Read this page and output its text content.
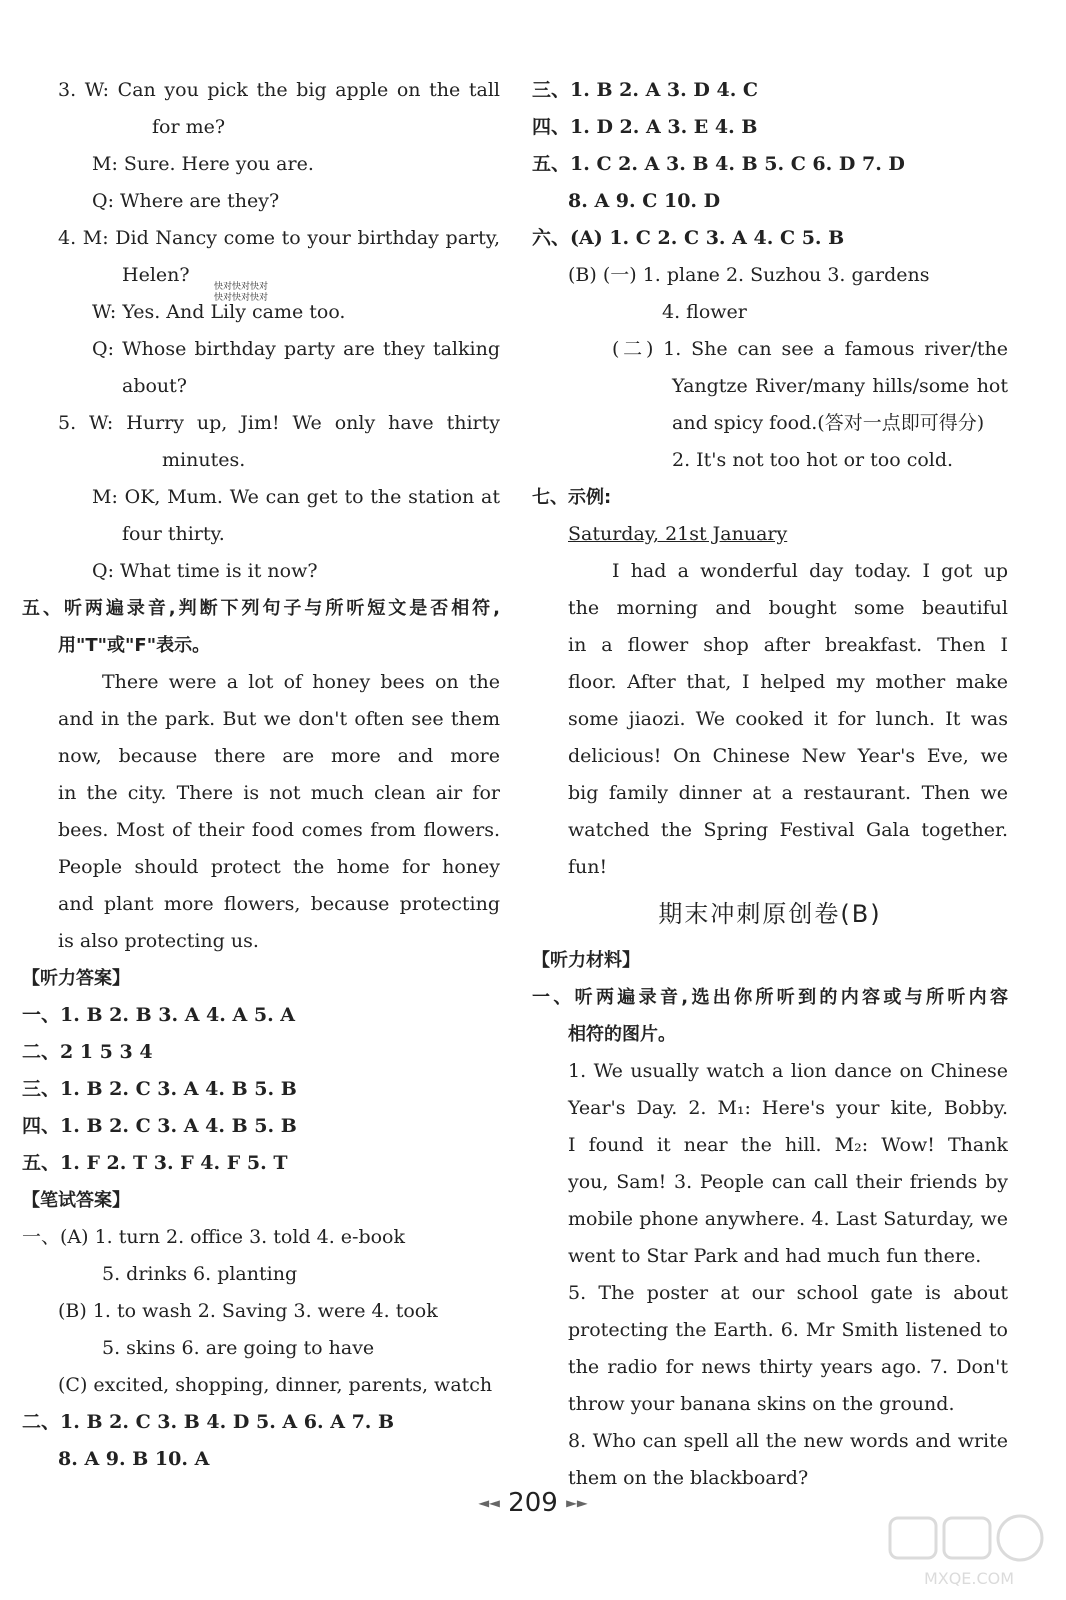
3. W: Can you pick the big apple on the tall
for me?
M: Sure. Here you are.
Q: Where are they?
4. M: Did Nancy come to your birthday party,
Helen?
W: Yes. And Lily came too.
Q: Whose birthday party are they talking
about?
5. W: Hurry up, Jim! We only have thirty
minutes.
M: OK, Mum. We can get to the station at
four thirty.
Q: What time is it now?
五、听两遍录音,判断下列句子与所听短文是否相符,
用"T"或"F"表示。
There were a lot of honey bees on the
and in the park. But we don't often see them
now, because there are more and more
in the city. There is not much clean air for
bees. Most of their food comes from flowers.
People should protect the home for honey
and plant more flowers, because protecting
is also protecting us.
【听力答案】
一、1. B 2. B 3. A 4. A 5. A
二、2 1 5 3 4
三、1. B 2. C 3. A 4. B 5. B
四、1. B 2. C 3. A 4. B 5. B
五、1. F 2. T 3. F 4. F 5. T
【笔试答案】
一、(A) 1. turn 2. office 3. told 4. e-book
5. drinks 6. planting
(B) 1. to wash 2. Saving 3. were 4. took
5. skins 6. are going to have
(C) excited, shopping, dinner, parents, watch
二、1. B 2. C 3. B 4. D 5. A 6. A 7. B
8. A 9. B 10. A
快对快对快对
快对快对快对
三、1. B 2. A 3. D 4. C
四、1. D 2. A 3. E 4. B
五、1. C 2. A 3. B 4. B 5. C 6. D 7. D
8. A 9. C 10. D
六、(A) 1. C 2. C 3. A 4. C 5. B
(B) (一) 1. plane 2. Suzhou 3. gardens
4. flower
(二) 1. She can see a famous river/the
Yangtze River/many hills/some hot
and spicy food.(答对一点即可得分)
2. It's not too hot or too cold.
七、示例:
Saturday, 21st January
I had a wonderful day today. I got up
the morning and bought some beautiful
in a flower shop after breakfast. Then I
floor. After that, I helped my mother make
some jiaozi. We cooked it for lunch. It was
delicious! On Chinese New Year's Eve, we
big family dinner at a restaurant. Then we
watched the Spring Festival Gala together.
fun!
期末冲刺原创卷(B)
【听力材料】
一、听两遍录音,选出你所听到的内容或与所听内容
相符的图片。
1. We usually watch a lion dance on Chinese
Year's Day. 2. M₁: Here's your kite, Bobby.
I found it near the hill. M₂: Wow! Thank
you, Sam! 3. People can call their friends by
mobile phone anywhere. 4. Last Saturday, we
went to Star Park and had much fun there.
5. The poster at our school gate is about
protecting the Earth. 6. Mr Smith listened to
the radio for news thirty years ago. 7. Don't
throw your banana skins on the ground.
8. Who can spell all the new words and write
them on the blackboard?
◄◄ 209 ►►
MXQE.COM
